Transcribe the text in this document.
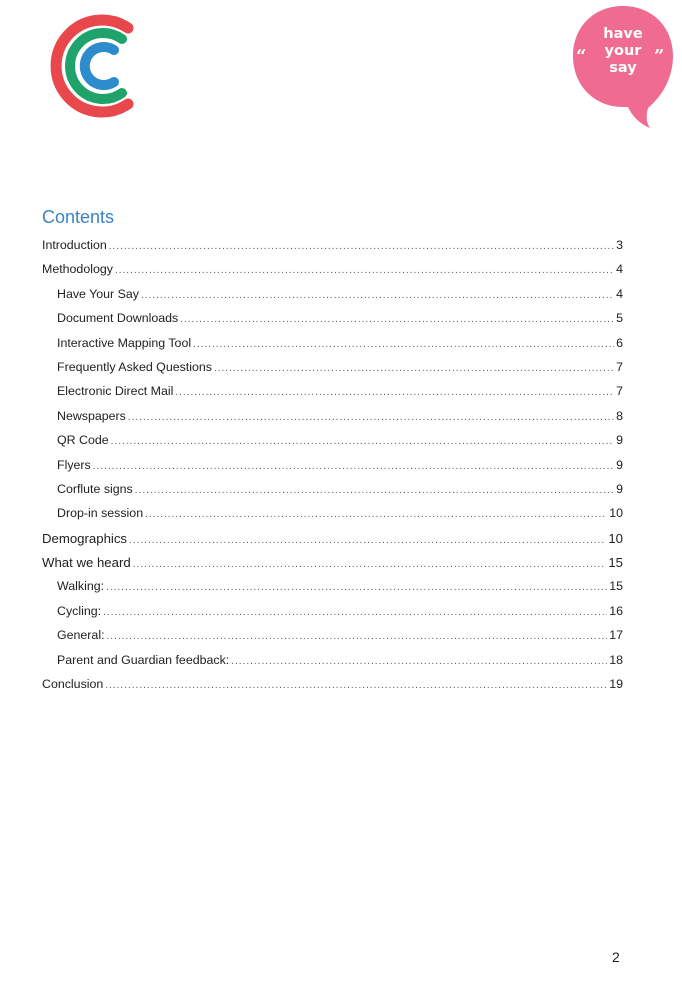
“	”
have
your
say
Contents
Introduction .....	3
Methodology .....	4
Have Your Say .....	4
Document Downloads .....	5
Interactive Mapping Tool .....	6
Frequently Asked Questions .....	7
Electronic Direct Mail .....	7
Newspapers .....	8
QR Code .....	9
Flyers .....	9
Corflute signs .....	9
Drop-in session .....	10
Demographics .....	10
What we heard .....	15
Walking: .....	15
Cycling: .....	16
General: .....	17
Parent and Guardian feedback: .....	18
Conclusion .....	19
2
